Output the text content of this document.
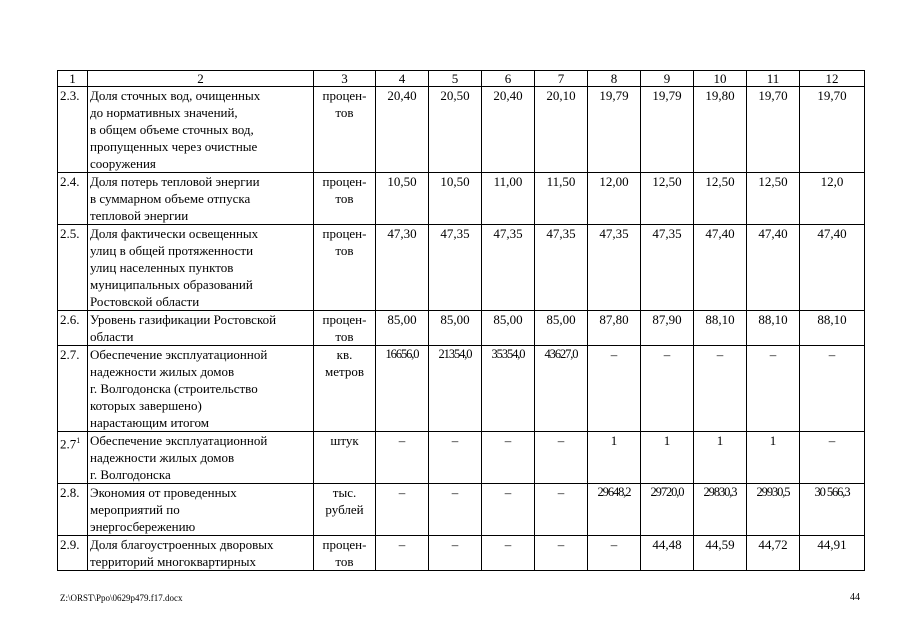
1	2	3	4	5	6	7	8	9	10	11	12
2.3.	Доля сточных вод, очищенных
до нормативных значений,
в общем объеме сточных вод,
пропущенных через очистные
сооружения	процен-
тов	20,40	20,50	20,40	20,10	19,79	19,79	19,80	19,70	19,70
2.4.	Доля потерь тепловой энергии
в суммарном объеме отпуска
тепловой энергии	процен-
тов	10,50	10,50	11,00	11,50	12,00	12,50	12,50	12,50	12,0
2.5.	Доля фактически освещенных
улиц в общей протяженности
улиц населенных пунктов
муниципальных образований
Ростовской области	процен-
тов	47,30	47,35	47,35	47,35	47,35	47,35	47,40	47,40	47,40
2.6.	Уровень газификации Ростовской
области	процен-
тов	85,00	85,00	85,00	85,00	87,80	87,90	88,10	88,10	88,10
2.7.	Обеспечение эксплуатационной
надежности жилых домов
г. Волгодонска (строительство
которых завершено)
нарастающим итогом	кв.
метров	16656,0	21354,0	35354,0	43627,0	–	–	–	–	–
$2.7^1$	Обеспечение эксплуатационной
надежности жилых домов
г. Волгодонска	штук	–	–	–	–	1	1	1	1	–
2.8.	Экономия от проведенных
мероприятий по
энергосбережению	тыс.
рублей	–	–	–	–	29648,2	29720,0	29830,3	29930,5	30 566,3
2.9.	Доля благоустроенных дворовых
территорий многоквартирных	процен-
тов	–	–	–	–	–	44,48	44,59	44,72	44,91
Z:\ORST\Ppo\0629p479.f17.docx	44
